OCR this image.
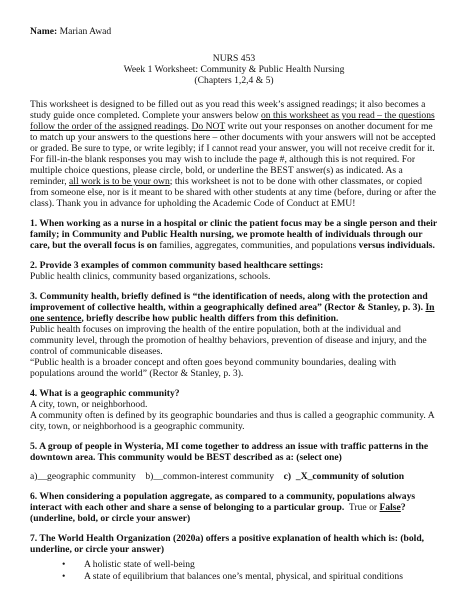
Name: Marian Awad
NURS 453
Week 1 Worksheet: Community & Public Health Nursing
(Chapters 1,2,4 & 5)

This worksheet is designed to be filled out as you read this week’s assigned readings; it also becomes a study guide once completed. Complete your answers below on this worksheet as you read – the questions follow the order of the assigned readings. Do NOT write out your responses on another document for me to match up your answers to the questions here – other documents with your answers will not be accepted or graded. Be sure to type, or write legibly; if I cannot read your answer, you will not receive credit for it. For fill-in-the blank responses you may wish to include the page #, although this is not required. For multiple choice questions, please circle, bold, or underline the BEST answer(s) as indicated. As a reminder, all work is to be your own; this worksheet is not to be done with other classmates, or copied from someone else, nor is it meant to be shared with other students at any time (before, during or after the class). Thank you in advance for upholding the Academic Code of Conduct at EMU!

1. When working as a nurse in a hospital or clinic the patient focus may be a single person and their family; in Community and Public Health nursing, we promote health of individuals through our care, but the overall focus is on families, aggregates, communities, and populations versus individuals.

2. Provide 3 examples of common community based healthcare settings:
Public health clinics, community based organizations, schools.

3. Community health, briefly defined is “the identification of needs, along with the protection and improvement of collective health, within a geographically defined area” (Rector & Stanley, p. 3). In one sentence, briefly describe how public health differs from this definition.
Public health focuses on improving the health of the entire population, both at the individual and community level, through the promotion of healthy behaviors, prevention of disease and injury, and the control of communicable diseases.
“Public health is a broader concept and often goes beyond community boundaries, dealing with populations around the world” (Rector & Stanley, p. 3).

4. What is a geographic community?
A city, town, or neighborhood.
A community often is defined by its geographic boundaries and thus is called a geographic community. A city, town, or neighborhood is a geographic community.

5. A group of people in Wysteria, MI come together to address an issue with traffic patterns in the downtown area. This community would be BEST described as a: (select one)
a)__geographic community    b)__common-interest community    c)  _X_community of solution

6. When considering a population aggregate, as compared to a community, populations always interact with each other and share a sense of belonging to a particular group.  True or False? (underline, bold, or circle your answer)

7. The World Health Organization (2020a) offers a positive explanation of health which is: (bold, underline, or circle your answer)
• A holistic state of well-being
• A state of equilibrium that balances one’s mental, physical, and spiritual conditions
